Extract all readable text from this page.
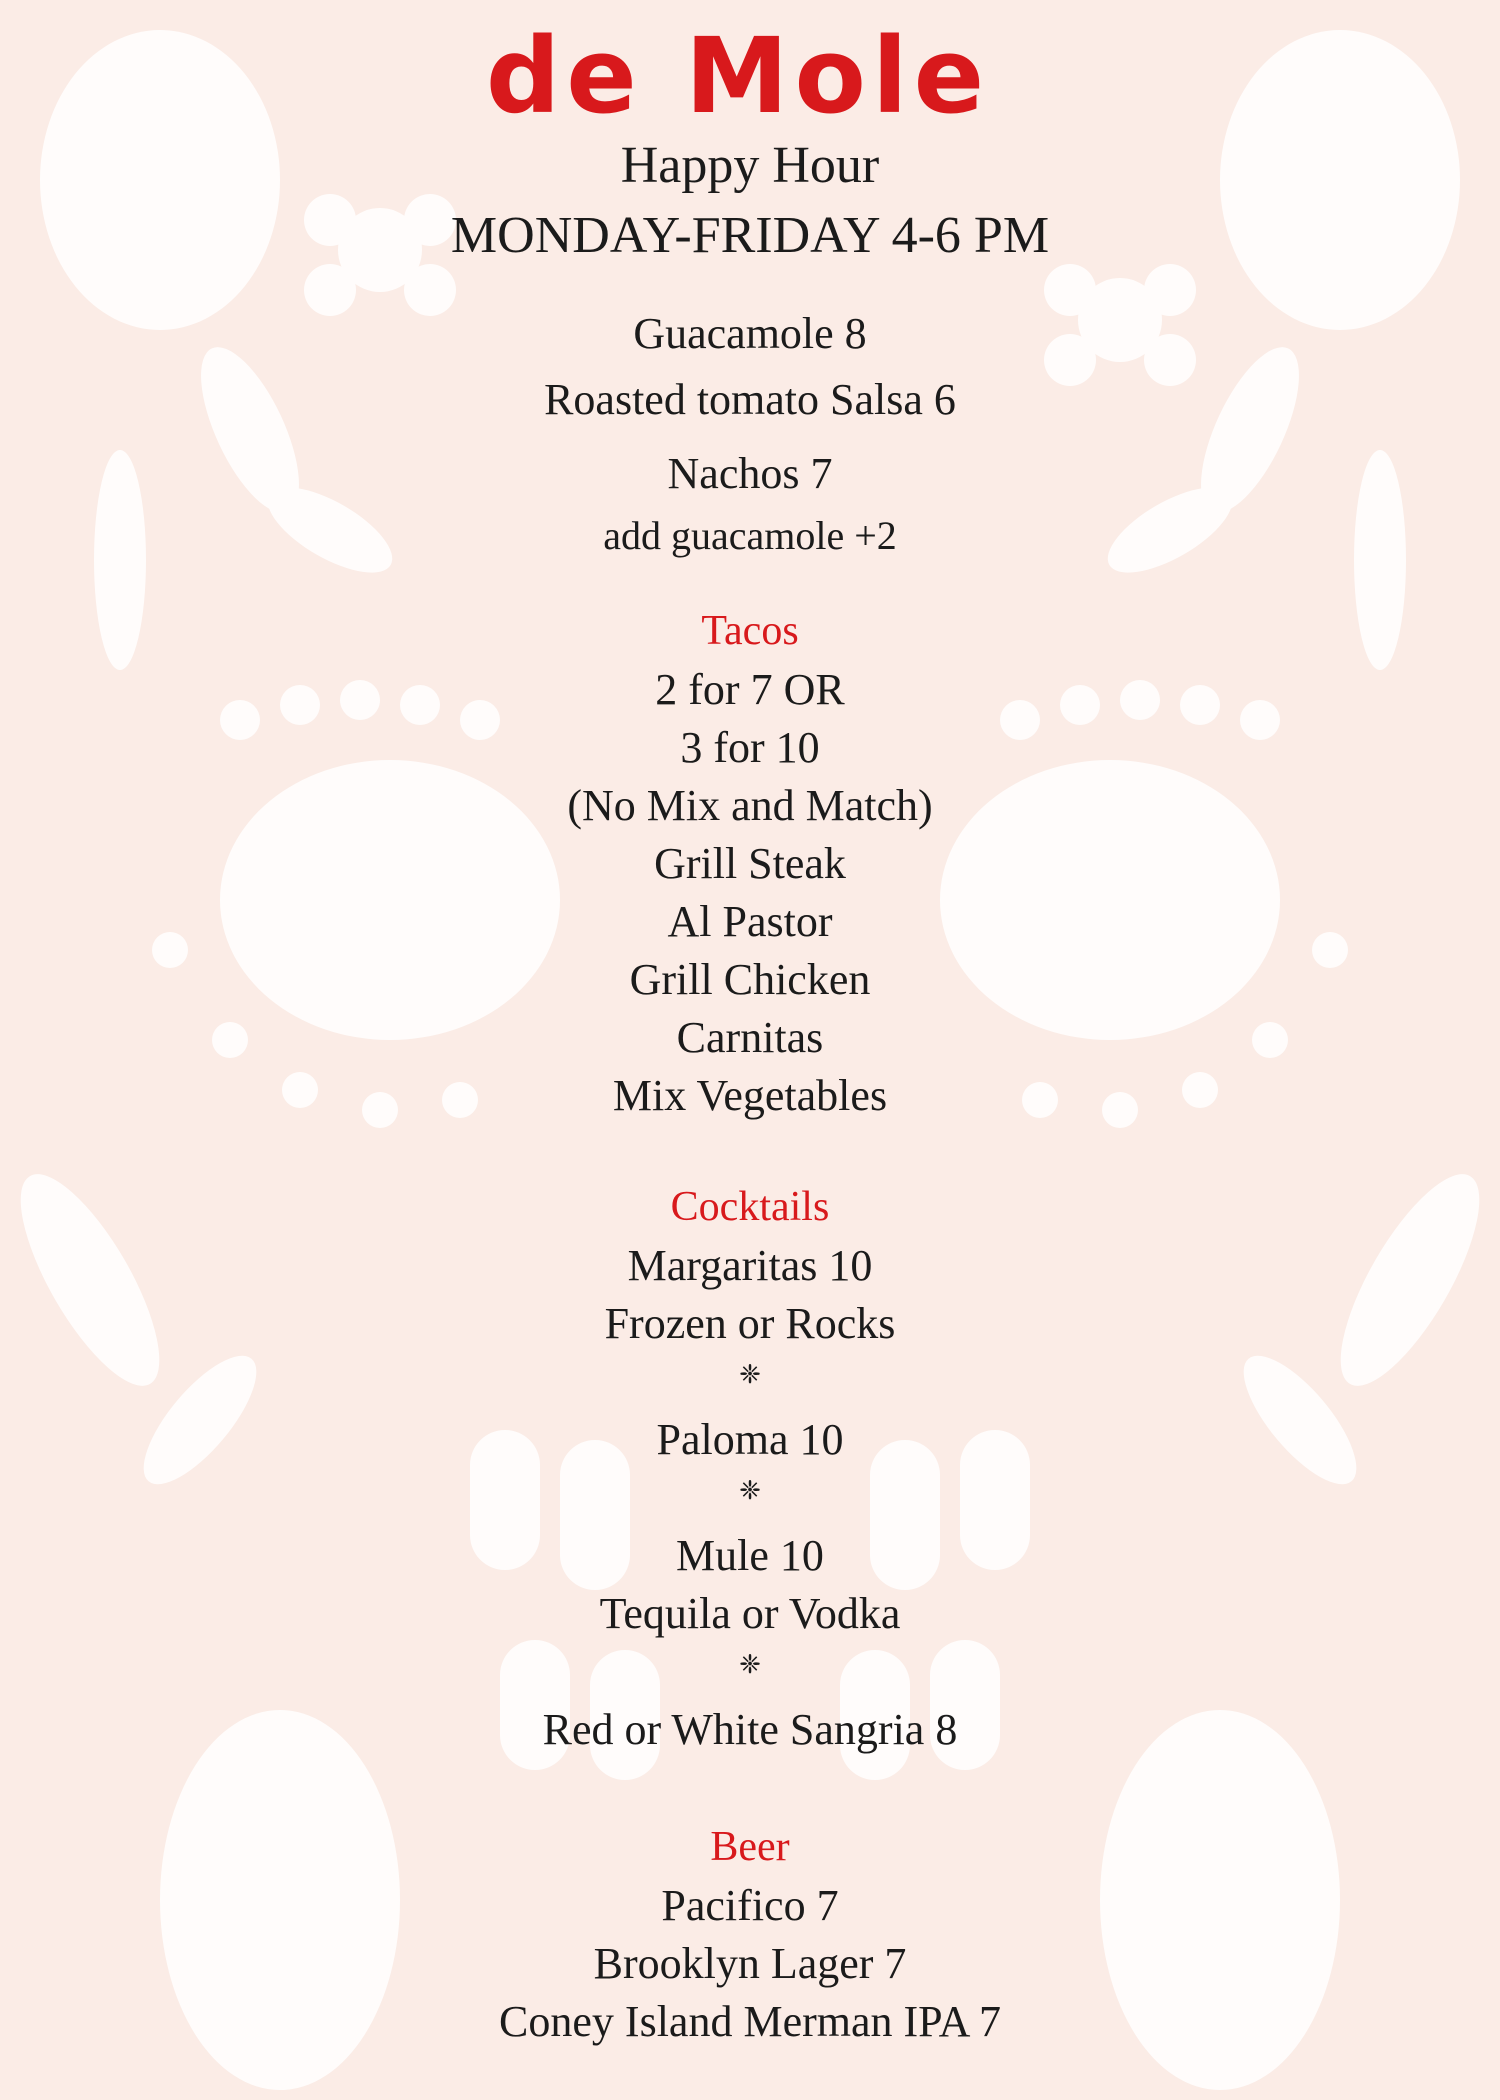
de Mole
Happy Hour
MONDAY-FRIDAY 4-6 PM
Guacamole 8
Roasted tomato Salsa 6
Nachos 7
add guacamole +2
Tacos
2 for 7 OR
3 for 10
(No Mix and Match)
Grill Steak
Al Pastor
Grill Chicken
Carnitas
Mix Vegetables
Cocktails
Margaritas 10
Frozen or Rocks
❈
Paloma 10
❈
Mule 10
Tequila or Vodka
❈
Red or White Sangria 8
Beer
Pacifico 7
Brooklyn Lager 7
Coney Island Merman IPA 7
